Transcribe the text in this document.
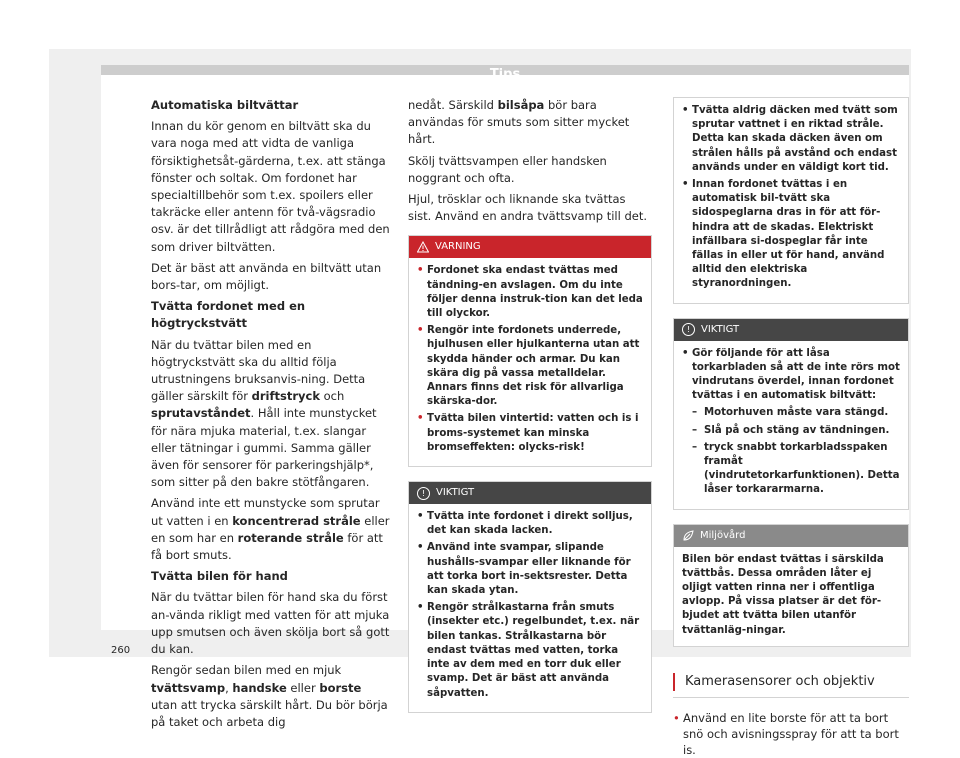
Automatiska biltvättar

Innan du kör genom en biltvätt ska du vara noga med att vidta de vanliga försiktighetsåt-gärderna, t.ex. att stänga fönster och soltak. Om fordonet har specialtillbehör som t.ex. spoilers eller takräcke eller antenn för två-vägsradio osv. är det tillrådligt att rådgöra med den som driver biltvätten.

Det är bäst att använda en biltvätt utan bors-tar, om möjligt.

Tvätta fordonet med en högtryckstvätt

När du tvättar bilen med en högtryckstvätt ska du alltid följa utrustningens bruksanvis-ning. Detta gäller särskilt för driftstryck och sprutavståndet. Håll inte munstycket för nära mjuka material, t.ex. slangar eller tätningar i gummi. Samma gäller även för sensorer för parkeringshjälp*, som sitter på den bakre stötfångaren.

Använd inte ett munstycke som sprutar ut vatten i en koncentrerad stråle eller en som har en roterande stråle för att få bort smuts.

Tvätta bilen för hand

När du tvättar bilen för hand ska du först an-vända rikligt med vatten för att mjuka upp smutsen och även skölja bort så gott du kan.

Rengör sedan bilen med en mjuk tvättsvamp, handske eller borste utan att trycka särskilt hårt. Du bör börja på taket och arbeta dig

nedåt. Särskild bilsåpa bör bara användas för smuts som sitter mycket hårt.

Skölj tvättsvampen eller handsken noggrant och ofta.

Hjul, trösklar och liknande ska tvättas sist. Använd en andra tvättsvamp till det.

VARNING
• Fordonet ska endast tvättas med tändning-en avslagen. Om du inte följer denna instruk-tion kan det leda till olyckor.
• Rengör inte fordonets underrede, hjulhusen eller hjulkanterna utan att skydda händer och armar. Du kan skära dig på vassa metalldelar. Annars finns det risk för allvarliga skärska-dor.
• Tvätta bilen vintertid: vatten och is i broms-systemet kan minska bromseffekten: olycks-risk!
!	VIKTIGT
• Tvätta inte fordonet i direkt solljus, det kan skada lacken.
• Använd inte svampar, slipande hushålls-svampar eller liknande för att torka bort in-sektsrester. Detta kan skada ytan.
• Rengör strålkastarna från smuts (insekter etc.) regelbundet, t.ex. när bilen tankas. Strålkastarna bör endast tvättas med vatten, torka inte av dem med en torr duk eller svamp. Det är bäst att använda såpvatten.
• Tvätta aldrig däcken med tvätt som sprutar vattnet i en riktad stråle. Detta kan skada däcken även om strålen hålls på avstånd och endast används under en väldigt kort tid.
• Innan fordonet tvättas i en automatisk bil-tvätt ska sidospeglarna dras in för att för-hindra att de skadas. Elektriskt infällbara si-dospeglar får inte fällas in eller ut för hand, använd alltid den elektriska styranordningen.
!	VIKTIGT
• Gör följande för att låsa torkarbladen så att de inte rörs mot vindrutans överdel, innan fordonet tvättas i en automatisk biltvätt:
– Motorhuven måste vara stängd.
– Slå på och stäng av tändningen.
– tryck snabbt torkarbladsspaken framåt (vindrutetorkarfunktionen). Detta låser torkararmarna.
Miljövård
Bilen bör endast tvättas i särskilda tvättbås. Dessa områden låter ej oljigt vatten rinna ner i offentliga avlopp. På vissa platser är det för-bjudet att tvätta bilen utanför tvättanläg-ningar.
Kamerasensorer och objektiv
• Använd en lite borste för att ta bort snö och avisningsspray för att ta bort is.
260
